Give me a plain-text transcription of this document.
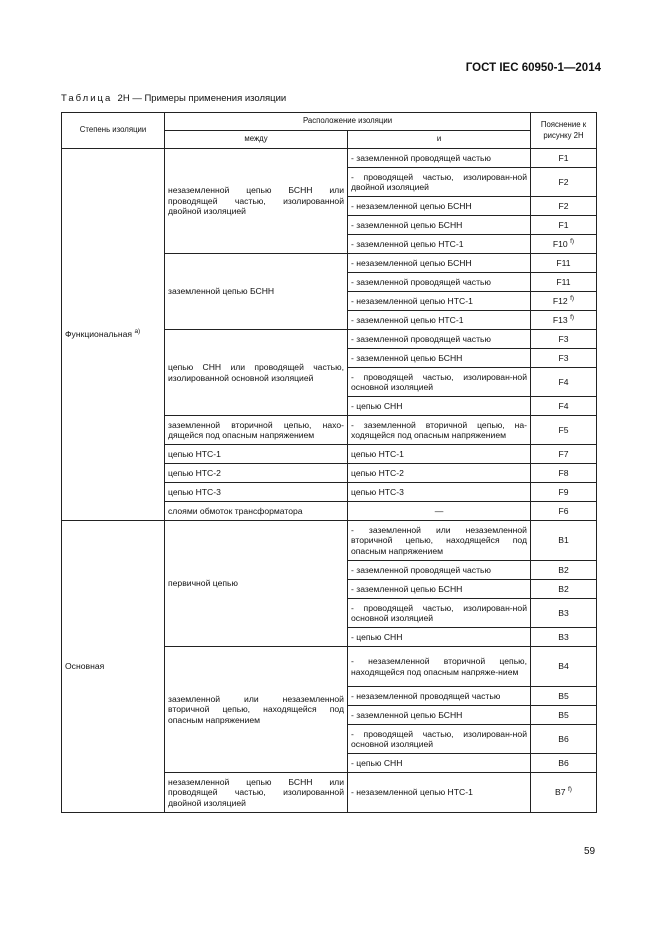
ГОСТ IEC 60950-1—2014
Таблица 2Н — Примеры применения изоляции
Степень изоляции	Расположение изоляции		Пояснение к рисунку 2Н
	между	и	
Функциональная $^{а)}$	незаземленной цепью БСНН или проводящей частью, изолированной двойной изоляцией	- заземленной проводящей частью	F1
		- проводящей частью, изолирован-ной двойной изоляцией	F2
		- незаземленной цепью БСНН	F2
		- заземленной цепью БСНН	F1
		- заземленной цепью НТС-1	F10 $^{f)}$
	заземленной цепью БСНН	- незаземленной цепью БСНН	F11
		- заземленной проводящей частью	F11
		- незаземленной цепью НТС-1	F12 $^{f)}$
		- заземленной цепью НТС-1	F13 $^{f)}$
	цепью СНН или проводящей частью, изолированной основной изоляцией	- заземленной проводящей частью	F3
		- заземленной цепью БСНН	F3
		- проводящей частью, изолирован-ной основной изоляцией	F4
		- цепью СНН	F4
	заземленной вторичной цепью, нахо-дящейся под опасным напряжением	- заземленной вторичной цепью, на-ходящейся под опасным напряжением	F5
	цепью НТС-1	цепью НТС-1	F7
	цепью НТС-2	цепью НТС-2	F8
	цепью НТС-3	цепью НТС-3	F9
	слоями обмоток трансформатора	—	F6
Основная	первичной цепью	- заземленной или незаземленной вторичной цепью, находящейся под опасным напряжением	В1
		- заземленной проводящей частью	В2
		- заземленной цепью БСНН	В2
		- проводящей частью, изолирован-ной основной изоляцией	В3
		- цепью СНН	В3
	заземленной или незаземленной вторичной цепью, находящейся под опасным напряжением	- незаземленной вторичной цепью, находящейся под опасным напряже-нием	В4
		- незаземленной проводящей частью	В5
		- заземленной цепью БСНН	В5
		- проводящей частью, изолирован-ной основной изоляцией	В6
		- цепью СНН	В6
	незаземленной цепью БСНН или проводящей частью, изолированной двойной изоляцией	- незаземленной цепью НТС-1	В7 $^{f)}$
59
